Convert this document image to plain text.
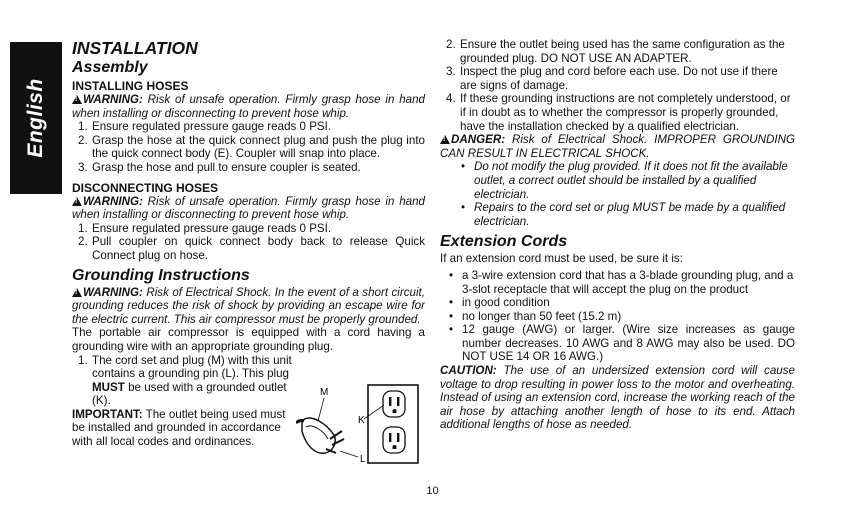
English
INSTALLATION
Assembly
INSTALLING HOSES

!WARNING: Risk of unsafe operation. Firmly grasp hose in hand when installing or disconnecting to prevent hose whip.

1. Ensure regulated pressure gauge reads 0 PSI.
2. Grasp the hose at the quick connect plug and push the plug into the quick connect body (E). Coupler will snap into place.
3. Grasp the hose and pull to ensure coupler is seated.
DISCONNECTING HOSES

!WARNING: Risk of unsafe operation. Firmly grasp hose in hand when installing or disconnecting to prevent hose whip.

1. Ensure regulated pressure gauge reads 0 PSI.
2. Pull coupler on quick connect body back to release Quick Connect plug on hose.
Grounding Instructions

!WARNING: Risk of Electrical Shock. In the event of a short circuit, grounding reduces the risk of shock by providing an escape wire for the electric current. This air compressor must be properly grounded.

The portable air compressor is equipped with a cord having a grounding wire with an appropriate grounding plug.

1. The cord set and plug (M) with this unit contains a grounding pin (L). This plug MUST be used with a grounded outlet (K).

IMPORTANT: The outlet being used must be installed and grounded in accordance with all local codes and ordinances.

M
K
L
2. Ensure the outlet being used has the same configuration as the grounded plug. DO NOT USE AN ADAPTER.
3. Inspect the plug and cord before each use. Do not use if there are signs of damage.
4. If these grounding instructions are not completely understood, or if in doubt as to whether the compressor is properly grounded, have the installation checked by a qualified electrician.

!DANGER: Risk of Electrical Shock. IMPROPER GROUNDING CAN RESULT IN ELECTRICAL SHOCK.

• Do not modify the plug provided. If it does not fit the available outlet, a correct outlet should be installed by a qualified electrician.
• Repairs to the cord set or plug MUST be made by a qualified electrician.
Extension Cords

If an extension cord must be used, be sure it is:

• a 3-wire extension cord that has a 3-blade grounding plug, and a 3-slot receptacle that will accept the plug on the product
• in good condition
• no longer than 50 feet (15.2 m)
• 12 gauge (AWG) or larger. (Wire size increases as gauge number decreases. 10 AWG and 8 AWG may also be used. DO NOT USE 14 OR 16 AWG.)

CAUTION: The use of an undersized extension cord will cause voltage to drop resulting in power loss to the motor and overheating. Instead of using an extension cord, increase the working reach of the air hose by attaching another length of hose to its end. Attach additional lengths of hose as needed.

10
